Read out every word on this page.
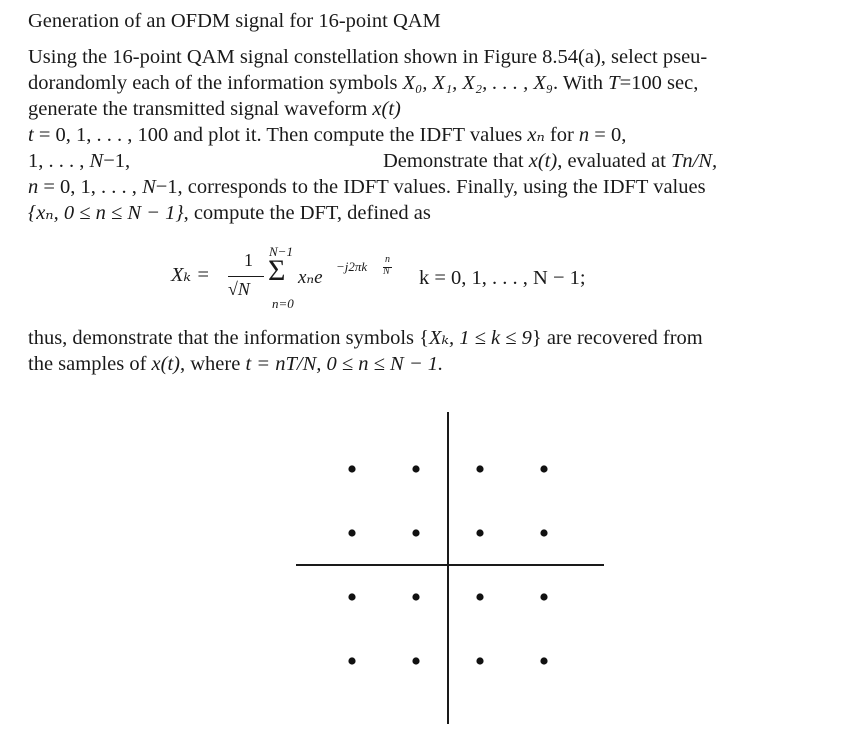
Generation of an OFDM signal for 16-point QAM
Using the 16-point QAM signal constellation shown in Figure 8.54(a), select pseu-
dorandomly each of the information symbols X₀, X₁, X₂, . . . , X₉. With T=100 sec,
generate the transmitted signal waveform x(t)
t = 0, 1, . . . , 100 and plot it. Then compute the IDFT values xₙ for n = 0,
1, . . . , N−1,	Demonstrate that x(t), evaluated at Tn/N,
n = 0, 1, . . . , N−1, corresponds to the IDFT values. Finally, using the IDFT values
{xₙ, 0 ≤ n ≤ N − 1}, compute the DFT, defined as
Xₖ =
1
√N
N−1
Σ
n=0
xₙe
−j2πk n
N k = 0, 1, . . . , N − 1;
thus, demonstrate that the information symbols {Xₖ, 1 ≤ k ≤ 9} are recovered from
the samples of x(t), where t = nT/N, 0 ≤ n ≤ N − 1.
